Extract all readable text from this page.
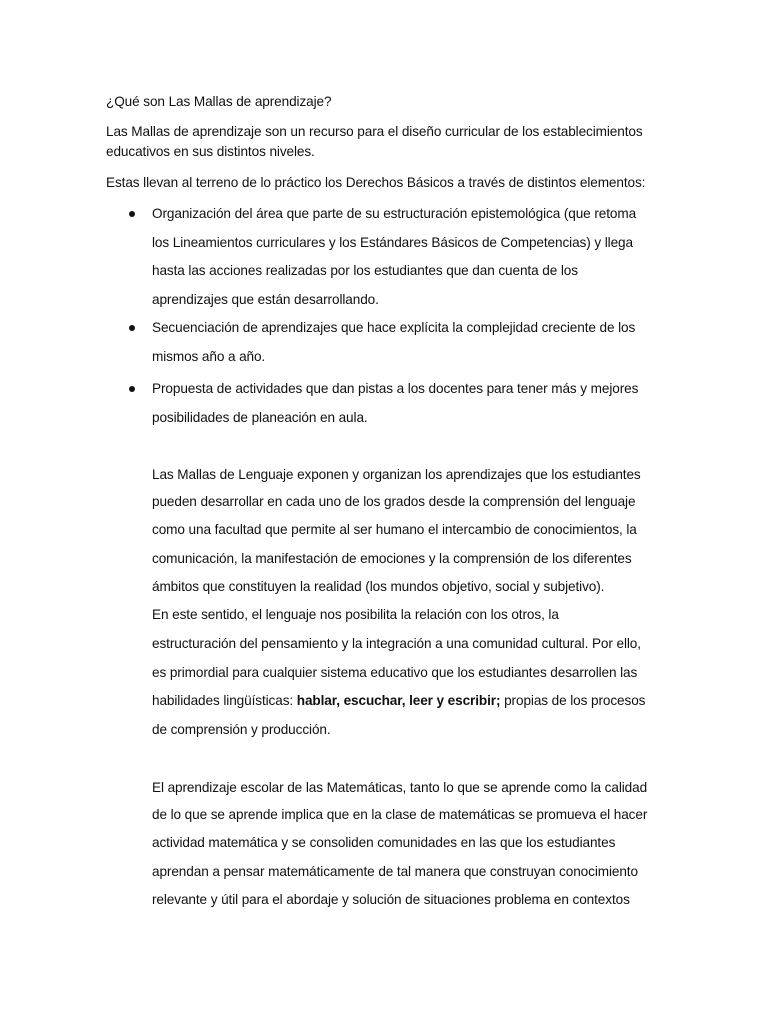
¿Qué son Las Mallas de aprendizaje?
Las Mallas de aprendizaje son un recurso para el diseño curricular de los establecimientos
educativos en sus distintos niveles.
Estas llevan al terreno de lo práctico los Derechos Básicos a través de distintos elementos:
Organización del área que parte de su estructuración epistemológica (que retoma
los Lineamientos curriculares y los Estándares Básicos de Competencias) y llega
hasta las acciones realizadas por los estudiantes que dan cuenta de los
aprendizajes que están desarrollando.
Secuenciación de aprendizajes que hace explícita la complejidad creciente de los
mismos año a año.
Propuesta de actividades que dan pistas a los docentes para tener más y mejores
posibilidades de planeación en aula.
Las Mallas de Lenguaje exponen y organizan los aprendizajes que los estudiantes
pueden desarrollar en cada uno de los grados desde la comprensión del lenguaje
como una facultad que permite al ser humano el intercambio de conocimientos, la
comunicación, la manifestación de emociones y la comprensión de los diferentes
ámbitos que constituyen la realidad (los mundos objetivo, social y subjetivo).
En este sentido, el lenguaje nos posibilita la relación con los otros, la
estructuración del pensamiento y la integración a una comunidad cultural. Por ello,
es primordial para cualquier sistema educativo que los estudiantes desarrollen las
habilidades lingüísticas: hablar, escuchar, leer y escribir; propias de los procesos
de comprensión y producción.
El aprendizaje escolar de las Matemáticas, tanto lo que se aprende como la calidad
de lo que se aprende implica que en la clase de matemáticas se promueva el hacer
actividad matemática y se consoliden comunidades en las que los estudiantes
aprendan a pensar matemáticamente de tal manera que construyan conocimiento
relevante y útil para el abordaje y solución de situaciones problema en contextos
